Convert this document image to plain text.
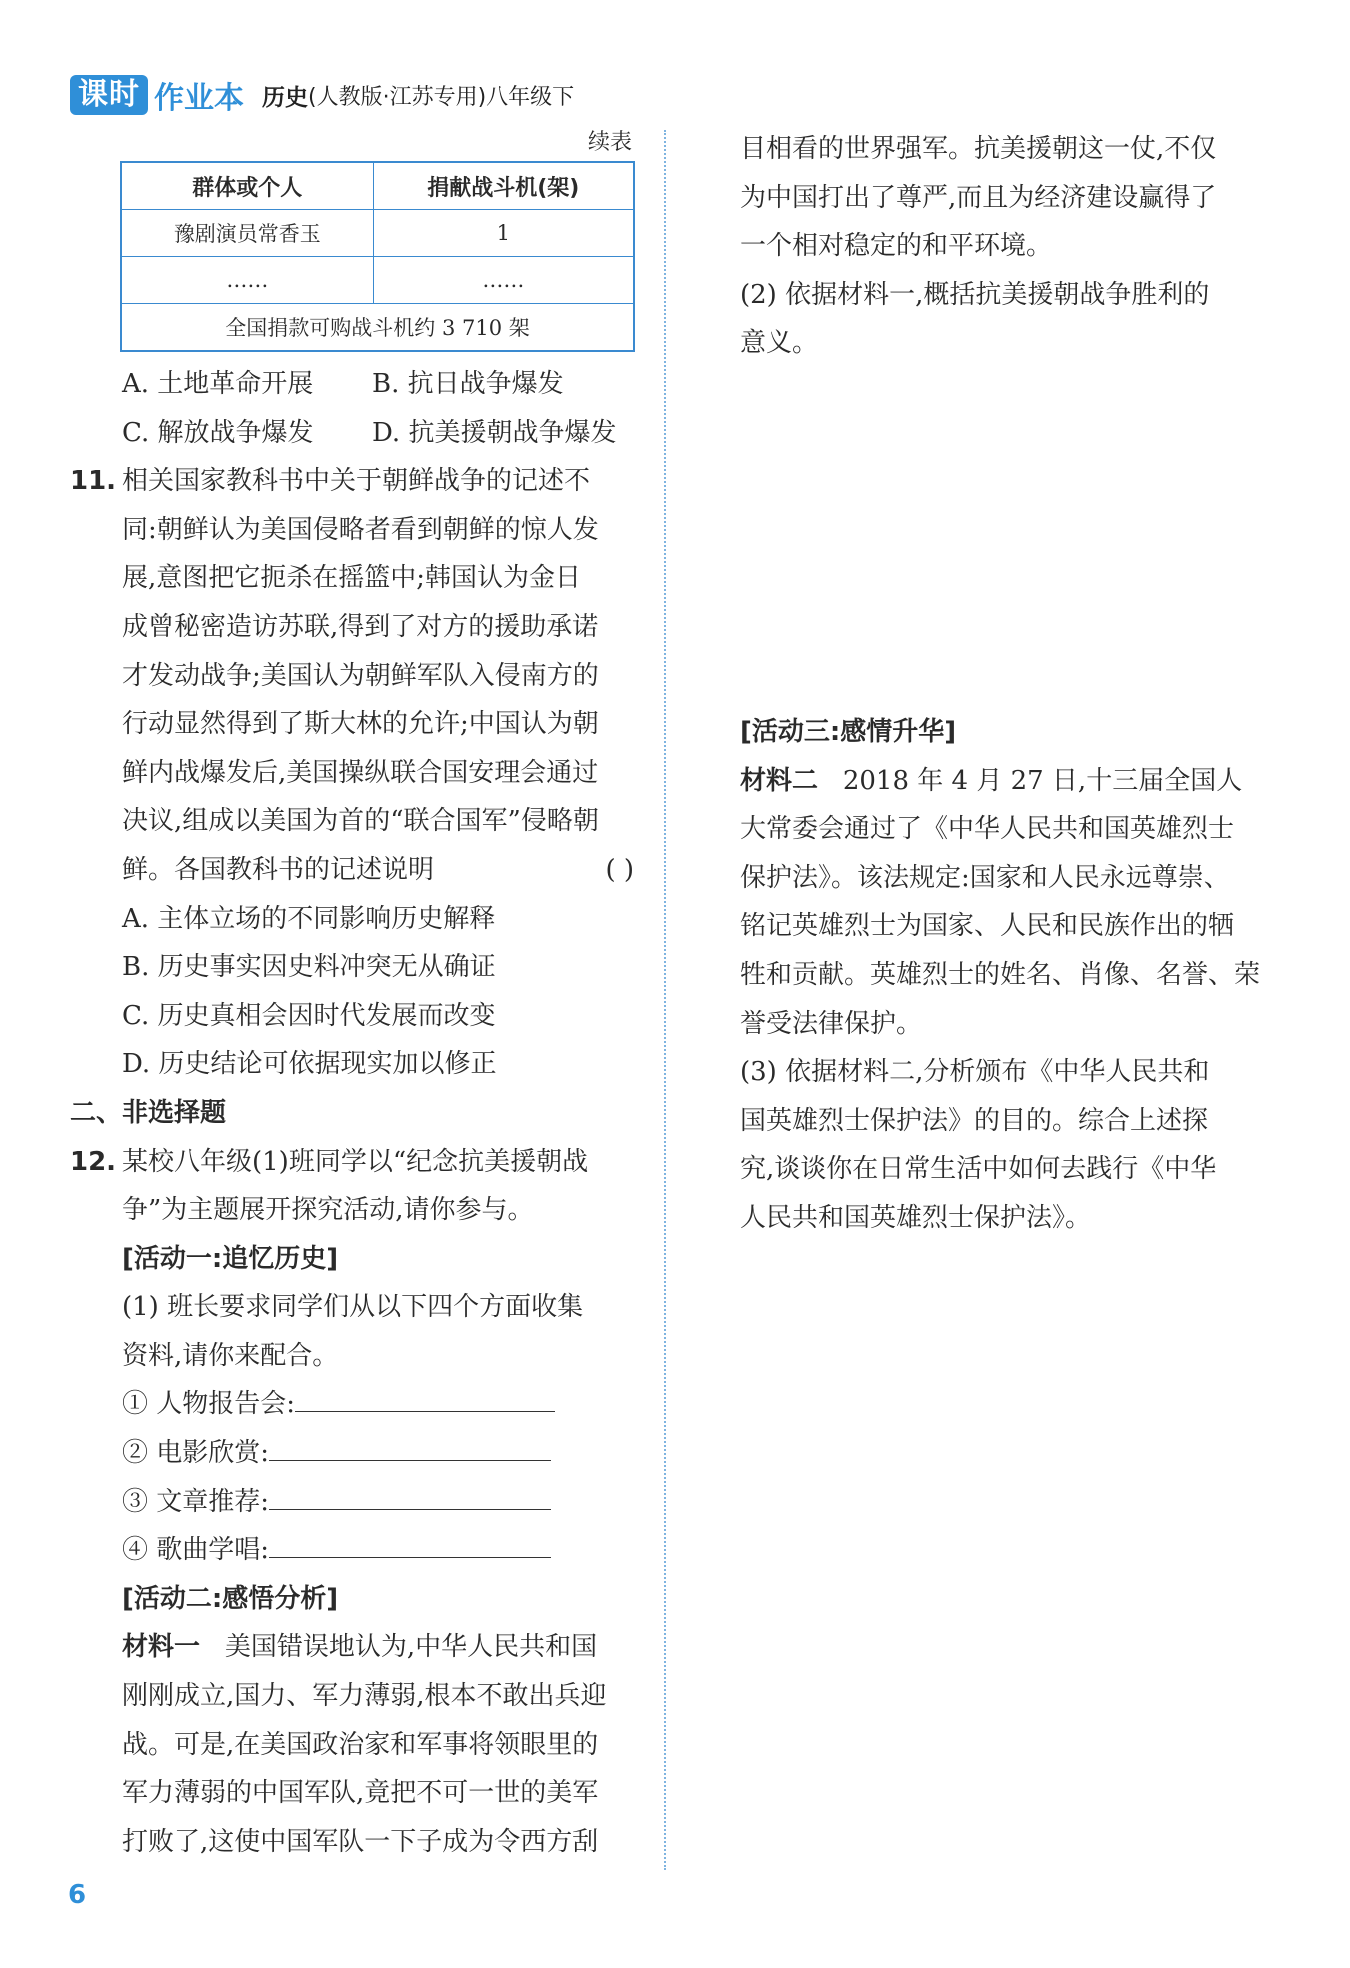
课时 作业本 历史 (人教版·江苏专用)八年级下
续表
群体或个人	捐献战斗机(架)
豫剧演员常香玉	1
……	……
全国捐款可购战斗机约 3 710 架	
A. 土地革命开展 B. 抗日战争爆发
C. 解放战争爆发 D. 抗美援朝战争爆发
11. 相关国家教科书中关于朝鲜战争的记述不
同:朝鲜认为美国侵略者看到朝鲜的惊人发
展,意图把它扼杀在摇篮中;韩国认为金日
成曾秘密造访苏联,得到了对方的援助承诺
才发动战争;美国认为朝鲜军队入侵南方的
行动显然得到了斯大林的允许;中国认为朝
鲜内战爆发后,美国操纵联合国安理会通过
决议,组成以美国为首的“联合国军”侵略朝
鲜。各国教科书的记述说明	( )
A. 主体立场的不同影响历史解释
B. 历史事实因史料冲突无从确证
C. 历史真相会因时代发展而改变
D. 历史结论可依据现实加以修正
二、非选择题
12. 某校八年级(1)班同学以“纪念抗美援朝战
争”为主题展开探究活动,请你参与。
[活动一:追忆历史]
(1) 班长要求同学们从以下四个方面收集
资料,请你来配合。
① 人物报告会:
② 电影欣赏:
③ 文章推荐:
④ 歌曲学唱:
[活动二:感悟分析]
材料一 美国错误地认为,中华人民共和国
刚刚成立,国力、军力薄弱,根本不敢出兵迎
战。可是,在美国政治家和军事将领眼里的
军力薄弱的中国军队,竟把不可一世的美军
打败了,这使中国军队一下子成为令西方刮
目相看的世界强军。抗美援朝这一仗,不仅
为中国打出了尊严,而且为经济建设赢得了
一个相对稳定的和平环境。
(2) 依据材料一,概括抗美援朝战争胜利的
意义。
[活动三:感情升华]
材料二 2018 年 4 月 27 日,十三届全国人
大常委会通过了《中华人民共和国英雄烈士
保护法》。该法规定:国家和人民永远尊崇、
铭记英雄烈士为国家、人民和民族作出的牺
牲和贡献。英雄烈士的姓名、肖像、名誉、荣
誉受法律保护。
(3) 依据材料二,分析颁布《中华人民共和
国英雄烈士保护法》的目的。综合上述探
究,谈谈你在日常生活中如何去践行《中华
人民共和国英雄烈士保护法》。
6
